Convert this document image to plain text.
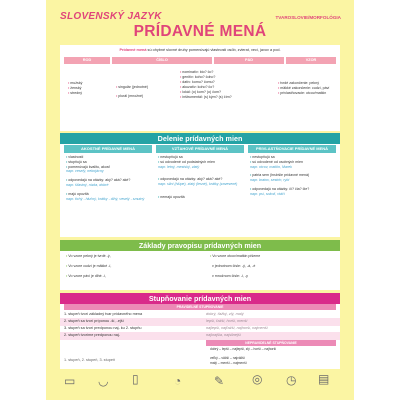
SLOVENSKÝ JAZYK	TVAROSLOVIE/MORFOLÓGIA
PRÍDAVNÉ MENÁ
Prídavné mená sú ohybné slovné druhy pomenúvajú vlastnosti osôb, zvierat, vecí, javov a pod.
ROD	ČÍSLO	PÁD	VZOR
• mužský
• ženský
• stredný
• singulár (jednotné)
• plurál (množné)
• nominatív: kto? čo?
• genitív: koho? čoho?
• datív: komu? čomu?
• akuzatív: koho? čo?
• lokál: (o) kom? (o) čom?
• inštrumentál: (s) kým? (s) čím?
• tvrdé zakončenie: pekný
• mäkké zakončenie: cudzí, páví
• privlastňovacie: otcov/matkin
Delenie prídavných mien
AKOSTNÉ PRÍDAVNÉ MENÁ	VZŤAHOVÉ PRÍDAVNÉ MENÁ	PRIVLASTŇOVACIE PRÍDAVNÉ MENÁ
• vlastnosti
• stupňujú sa
• pomenúvajú kvalitu, akosť
napr. veselý, nebojácny
• odpovedajú na otázky: aký? aká? aké?
napr. šťastný, nízka, dobré
• majú opozitá
napr. tichý - hlučný, krátky - dlhý, veselý - smutný
• nestupňujú sa
• sú odvodené od podstatných mien
napr. letný, mestský, zlatý
• odpovedajú na otázky: aký? aká? aké?
napr. silní (hlúpe), zlatý (lesné), krátky (zavesené)
• nemajú opozitá
• nestupňujú sa
• sú odvodené od osobných mien
napr. otcov, matkin, Marek
• patria sem (hrubšie prídavné mená)
napr. bratov, sestrin, rybí
• odpovedajú na otázky: čí? čia? čie?
napr. psí, sokolí, vtáčí
Základy pravopisu prídavných mien
• Vo vzore pekný je tvrdé -ý,
• Vo vzore cudzí je mäkké -í,
• Vo vzore páví je dlhé -í,
• Vo vzore otcov/matkin píšeme
v jednotnom čísle: -ý, -á, -é
v množnom čísle: -i, -y
Stupňovanie prídavných mien
PRAVIDELNÉ STUPŇOVANIE
1. stupeň tvorí základný tvar prídavného mena	dobrý, ťažký, zlý, malý
2. stupeň sa tvorí príponou -ší, -ejší	lepší, ťažší, horší, menší
3. stupeň sa tvorí predponou naj- ku 2. stupňu	najlepší, najťažší, najhorší, najmenší
2. stupeň tvoríme predponou naj-	najkrajšia, najsilnejší
NEPRAVIDELNÉ STUPŇOVANIE
dobrý – lepší – najlepší, zlý – horší – najhorší
veľký – väčší – najväčší
malý – menší – najmenší
1. stupeň, 2. stupeň, 3. stupeň
▭ ◡ ▯	◔	✎ ◎ ◷ ▤
